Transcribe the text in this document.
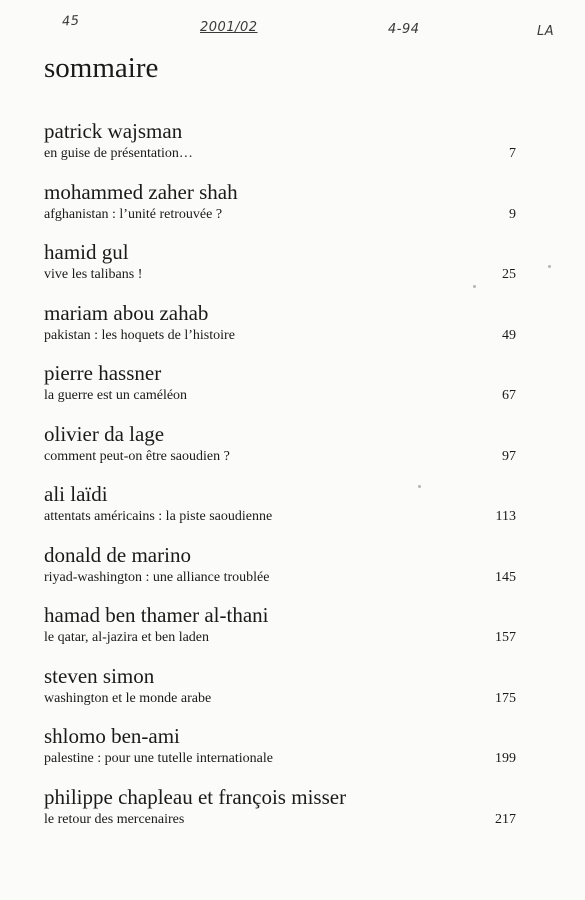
45	2001/02	4-94	LA
sommaire
patrick wajsman
en guise de présentation…	7
mohammed zaher shah
afghanistan : l’unité retrouvée ?	9
hamid gul
vive les talibans !	25
mariam abou zahab
pakistan : les hoquets de l’histoire	49
pierre hassner
la guerre est un caméléon	67
olivier da lage
comment peut-on être saoudien ?	97
ali laïdi
attentats américains : la piste saoudienne	113
donald de marino
riyad-washington : une alliance troublée	145
hamad ben thamer al-thani
le qatar, al-jazira et ben laden	157
steven simon
washington et le monde arabe	175
shlomo ben-ami
palestine : pour une tutelle internationale	199
philippe chapleau et françois misser
le retour des mercenaires	217
